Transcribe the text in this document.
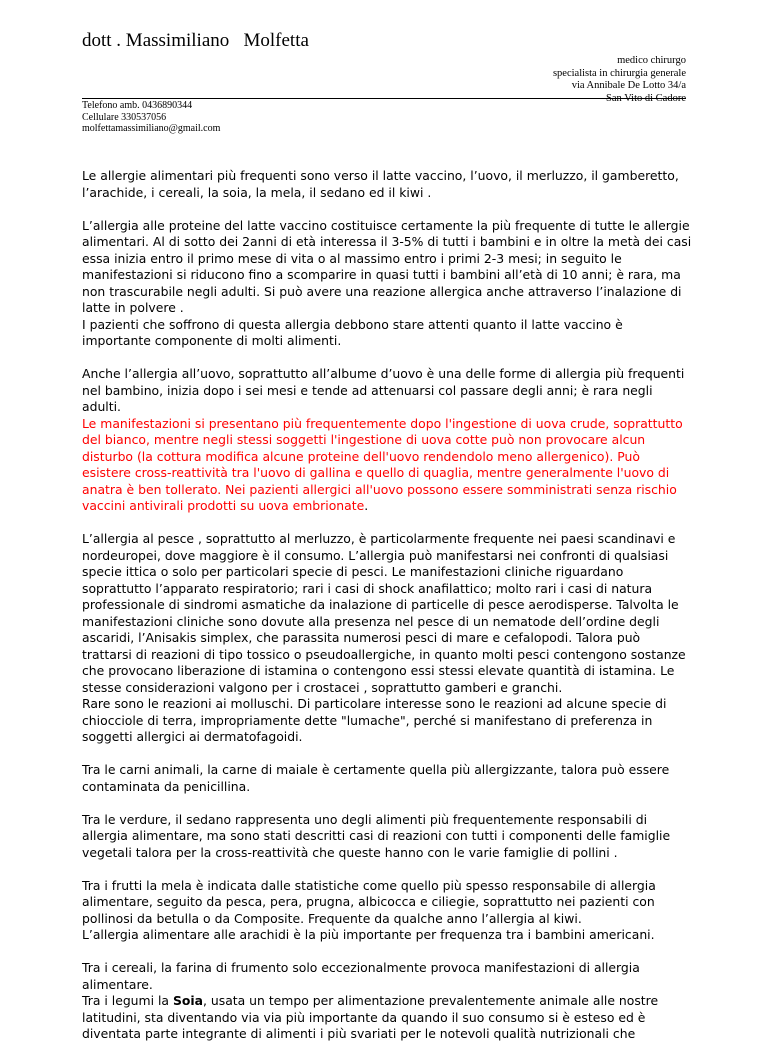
dott . Massimiliano   Molfetta
medico chirurgo
specialista in chirurgia generale
via Annibale De Lotto 34/a
San Vito di Cadore
Telefono amb. 0436890344
Cellulare 330537056
molfettamassimiliano@gmail.com

Le allergie alimentari più frequenti sono verso il latte vaccino, l’uovo, il merluzzo, il gamberetto, l’arachide, i cereali, la soia, la mela, il sedano ed il kiwi .

L’allergia alle proteine del latte vaccino costituisce certamente la più frequente di tutte le allergie alimentari. Al di sotto dei 2anni di età interessa il 3-5% di tutti i bambini e in oltre la metà dei casi essa inizia entro il primo mese di vita o al massimo entro i primi 2-3 mesi; in seguito le manifestazioni si riducono fino a scomparire in quasi tutti i bambini all’età di 10 anni; è rara, ma non trascurabile negli adulti. Si può avere una reazione allergica anche attraverso l’inalazione di latte in polvere .
I pazienti che soffrono di questa allergia debbono stare attenti quanto il latte vaccino è importante componente di molti alimenti.

Anche l’allergia all’uovo, soprattutto all’albume d’uovo è una delle forme di allergia più frequenti nel bambino, inizia dopo i sei mesi e tende ad attenuarsi col passare degli anni; è rara negli adulti.
Le manifestazioni si presentano più frequentemente dopo l'ingestione di uova crude, soprattutto del bianco, mentre negli stessi soggetti l'ingestione di uova cotte può non provocare alcun disturbo (la cottura modifica alcune proteine dell'uovo rendendolo meno allergenico). Può esistere cross-reattività tra l'uovo di gallina e quello di quaglia, mentre generalmente l'uovo di anatra è ben tollerato. Nei pazienti allergici all'uovo possono essere somministrati senza rischio vaccini antivirali prodotti su uova embrionate.

L’allergia al pesce , soprattutto al merluzzo, è particolarmente frequente nei paesi scandinavi e nordeuropei, dove maggiore è il consumo. L’allergia può manifestarsi nei confronti di qualsiasi specie ittica o solo per particolari specie di pesci. Le manifestazioni cliniche riguardano soprattutto l’apparato respiratorio; rari i casi di shock anafilattico; molto rari i casi di natura professionale di sindromi asmatiche da inalazione di particelle di pesce aerodisperse. Talvolta le manifestazioni cliniche sono dovute alla presenza nel pesce di un nematode dell’ordine degli ascaridi, l’Anisakis simplex, che parassita numerosi pesci di mare e cefalopodi. Talora può trattarsi di reazioni di tipo tossico o pseudoallergiche, in quanto molti pesci contengono sostanze che provocano liberazione di istamina o contengono essi stessi elevate quantità di istamina. Le stesse considerazioni valgono per i crostacei , soprattutto gamberi e granchi.
Rare sono le reazioni ai molluschi. Di particolare interesse sono le reazioni ad alcune specie di chiocciole di terra, impropriamente dette "lumache", perché si manifestano di preferenza in soggetti allergici ai dermatofagoidi.

Tra le carni animali, la carne di maiale è certamente quella più allergizzante, talora può essere contaminata da penicillina.

Tra le verdure, il sedano rappresenta uno degli alimenti più frequentemente responsabili di allergia alimentare, ma sono stati descritti casi di reazioni con tutti i componenti delle famiglie vegetali talora per la cross-reattività che queste hanno con le varie famiglie di pollini .

Tra i frutti la mela è indicata dalle statistiche come quello più spesso responsabile di allergia alimentare, seguito da pesca, pera, prugna, albicocca e ciliegie, soprattutto nei pazienti con pollinosi da betulla o da Composite. Frequente da qualche anno l’allergia al kiwi.
L’allergia alimentare alle arachidi è la più importante per frequenza tra i bambini americani.

Tra i cereali, la farina di frumento solo eccezionalmente provoca manifestazioni di allergia alimentare.
Tra i legumi la Soia, usata un tempo per alimentazione prevalentemente animale alle nostre latitudini, sta diventando via via più importante da quando il suo consumo si è esteso ed è diventata parte integrante di alimenti i più svariati per le notevoli qualità nutrizionali che
